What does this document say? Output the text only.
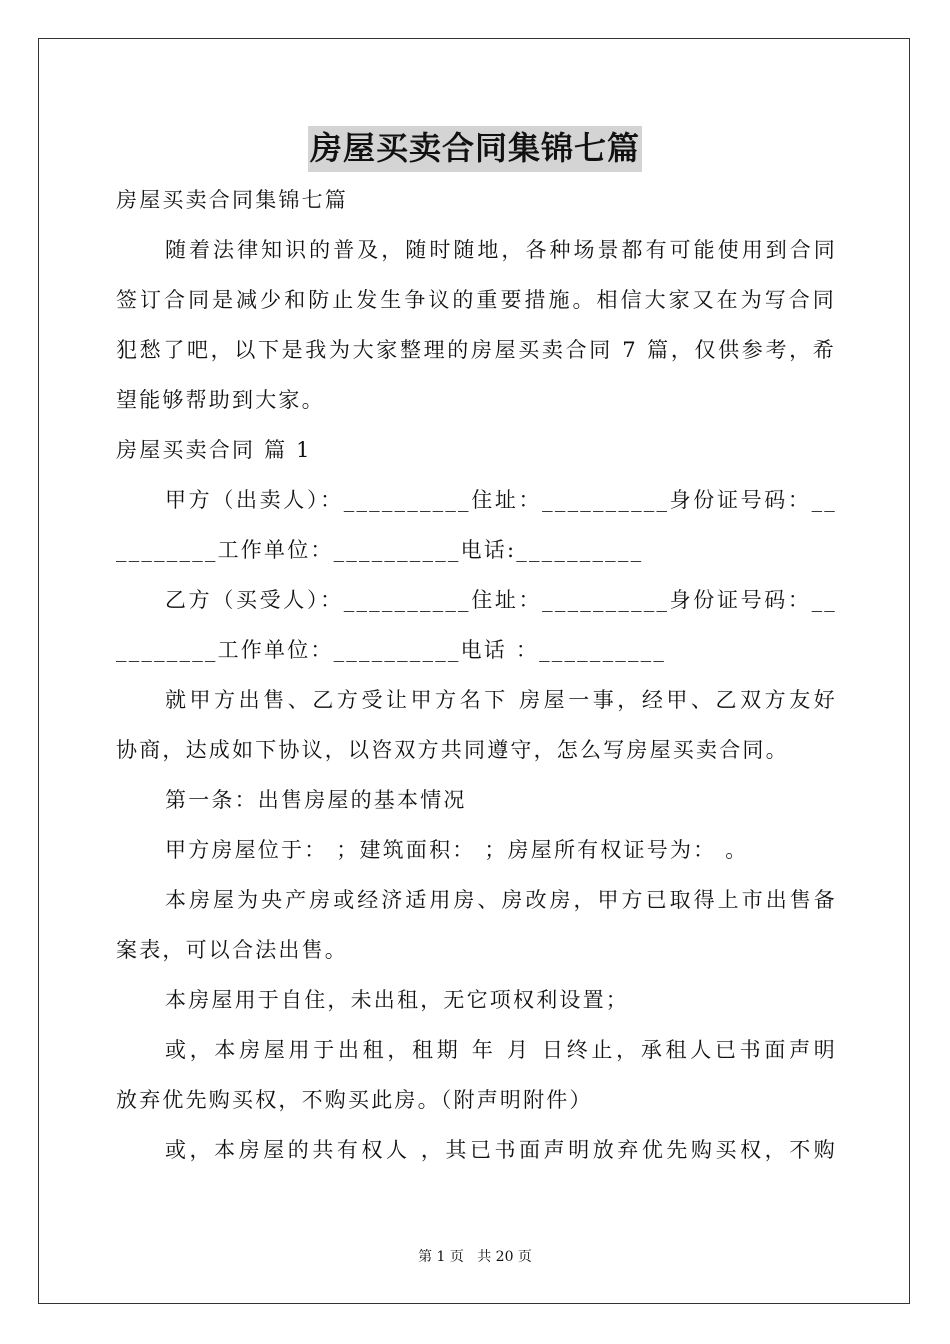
房屋买卖合同集锦七篇
房屋买卖合同集锦七篇
随着法律知识的普及，随时随地，各种场景都有可能使用到合同
签订合同是减少和防止发生争议的重要措施。相信大家又在为写合同
犯愁了吧，以下是我为大家整理的房屋买卖合同 7 篇，仅供参考，希
望能够帮助到大家。
房屋买卖合同 篇 1
甲方（出卖人）：__________住址：__________身份证号码：__
________工作单位：__________电话:__________
乙方（买受人）：__________住址：__________身份证号码：__
________工作单位：__________电话 ：__________
就甲方出售、乙方受让甲方名下 房屋一事，经甲、乙双方友好
协商，达成如下协议，以咨双方共同遵守，怎么写房屋买卖合同。
第一条：出售房屋的基本情况
甲方房屋位于： ；建筑面积： ；房屋所有权证号为： 。
本房屋为央产房或经济适用房、房改房，甲方已取得上市出售备
案表，可以合法出售。
本房屋用于自住，未出租，无它项权利设置；
或，本房屋用于出租，租期 年 月 日终止，承租人已书面声明
放弃优先购买权，不购买此房。（附声明附件）
或，本房屋的共有权人 ，其已书面声明放弃优先购买权，不购
第 1 页   共 20 页
